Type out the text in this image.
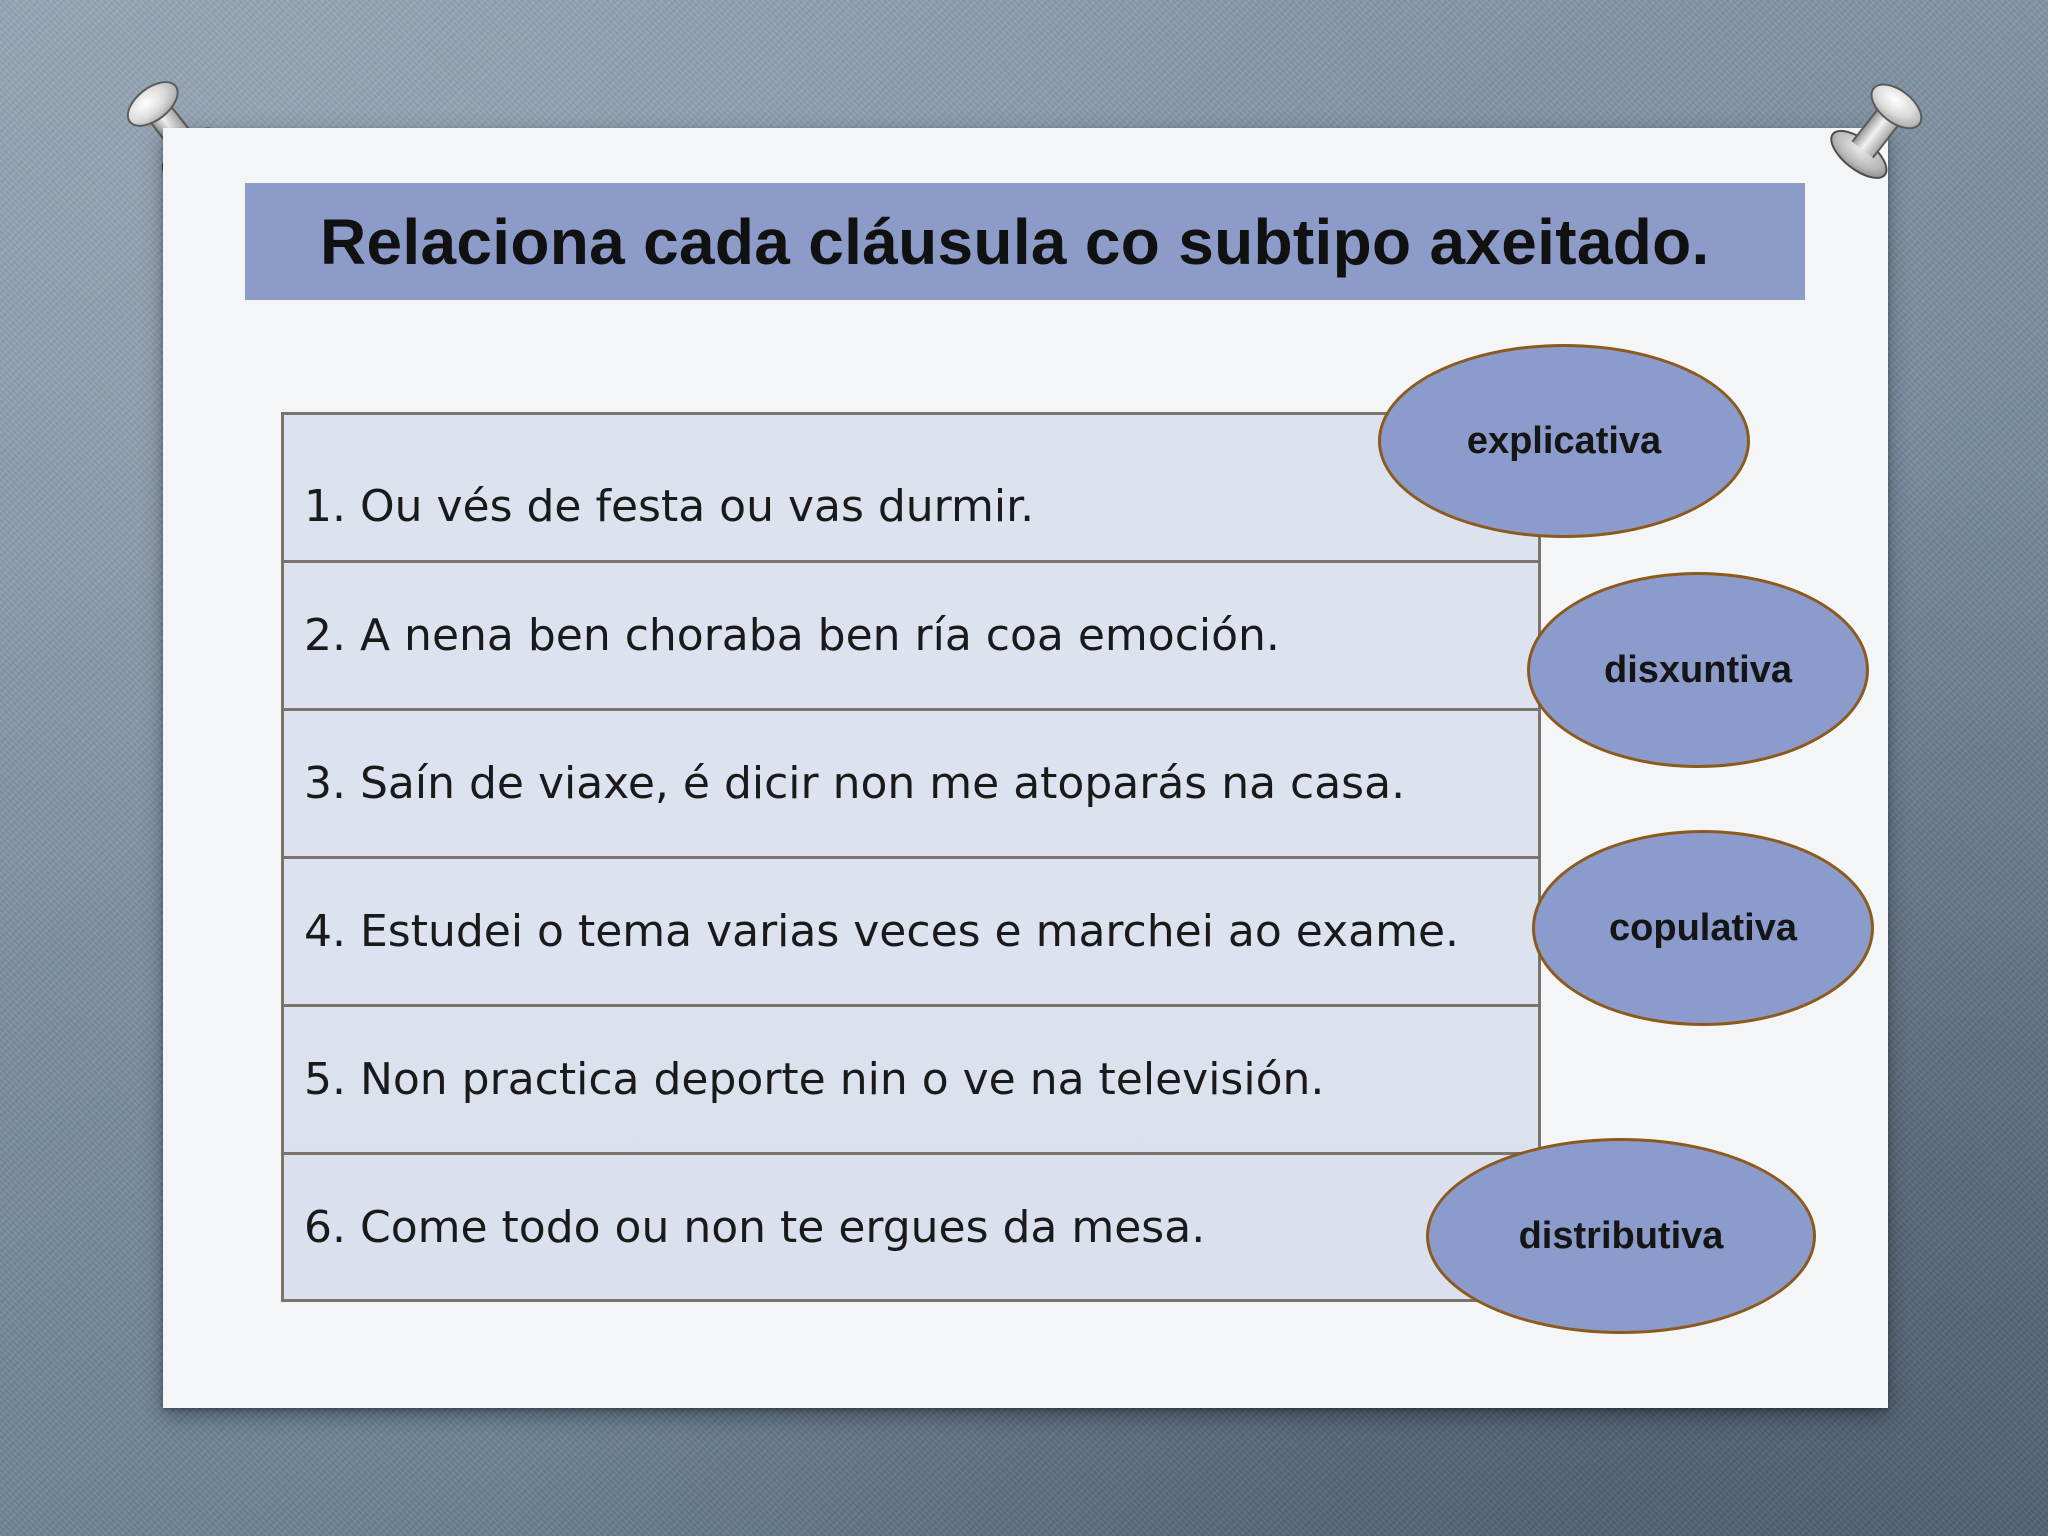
Relaciona cada cláusula co subtipo axeitado.
1. Ou vés de festa ou vas durmir.
2. A nena ben choraba ben ría coa emoción.
3. Saín de viaxe, é dicir non me atoparás na casa.
4. Estudei o tema varias veces e marchei ao exame.
5. Non practica deporte nin o ve na televisión.
6. Come todo ou non te ergues da mesa.
explicativa
disxuntiva
copulativa
distributiva
